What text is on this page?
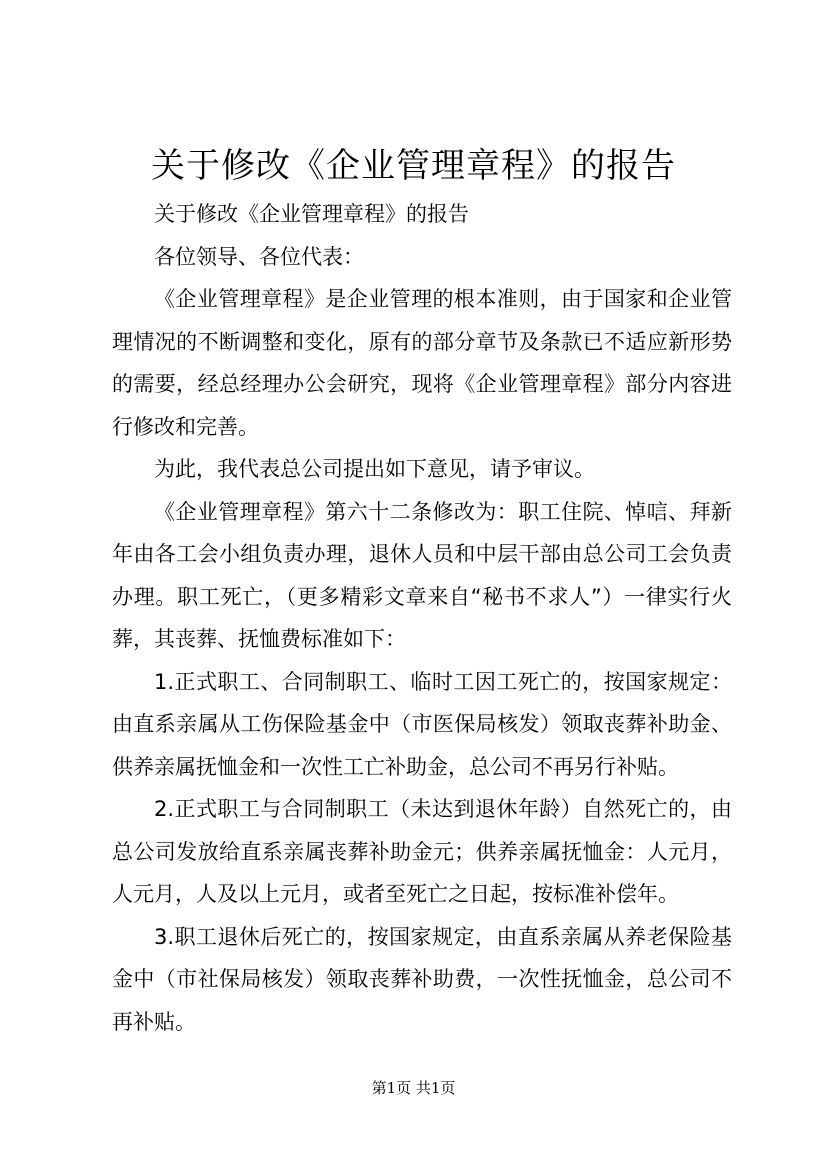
关于修改《企业管理章程》的报告

关于修改《企业管理章程》的报告

各位领导、各位代表：

《企业管理章程》是企业管理的根本准则，由于国家和企业管理情况的不断调整和变化，原有的部分章节及条款已不适应新形势的需要，经总经理办公会研究，现将《企业管理章程》部分内容进行修改和完善。

为此，我代表总公司提出如下意见，请予审议。

《企业管理章程》第六十二条修改为：职工住院、悼唁、拜新年由各工会小组负责办理，退休人员和中层干部由总公司工会负责办理。职工死亡，（更多精彩文章来自“秘书不求人”）一律实行火葬，其丧葬、抚恤费标准如下：

1.正式职工、合同制职工、临时工因工死亡的，按国家规定：由直系亲属从工伤保险基金中（市医保局核发）领取丧葬补助金、供养亲属抚恤金和一次性工亡补助金，总公司不再另行补贴。

2.正式职工与合同制职工（未达到退休年龄）自然死亡的，由总公司发放给直系亲属丧葬补助金元；供养亲属抚恤金：人元月，人元月，人及以上元月，或者至死亡之日起，按标准补偿年。

3.职工退休后死亡的，按国家规定，由直系亲属从养老保险基金中（市社保局核发）领取丧葬补助费，一次性抚恤金，总公司不再补贴。

第1页 共1页
